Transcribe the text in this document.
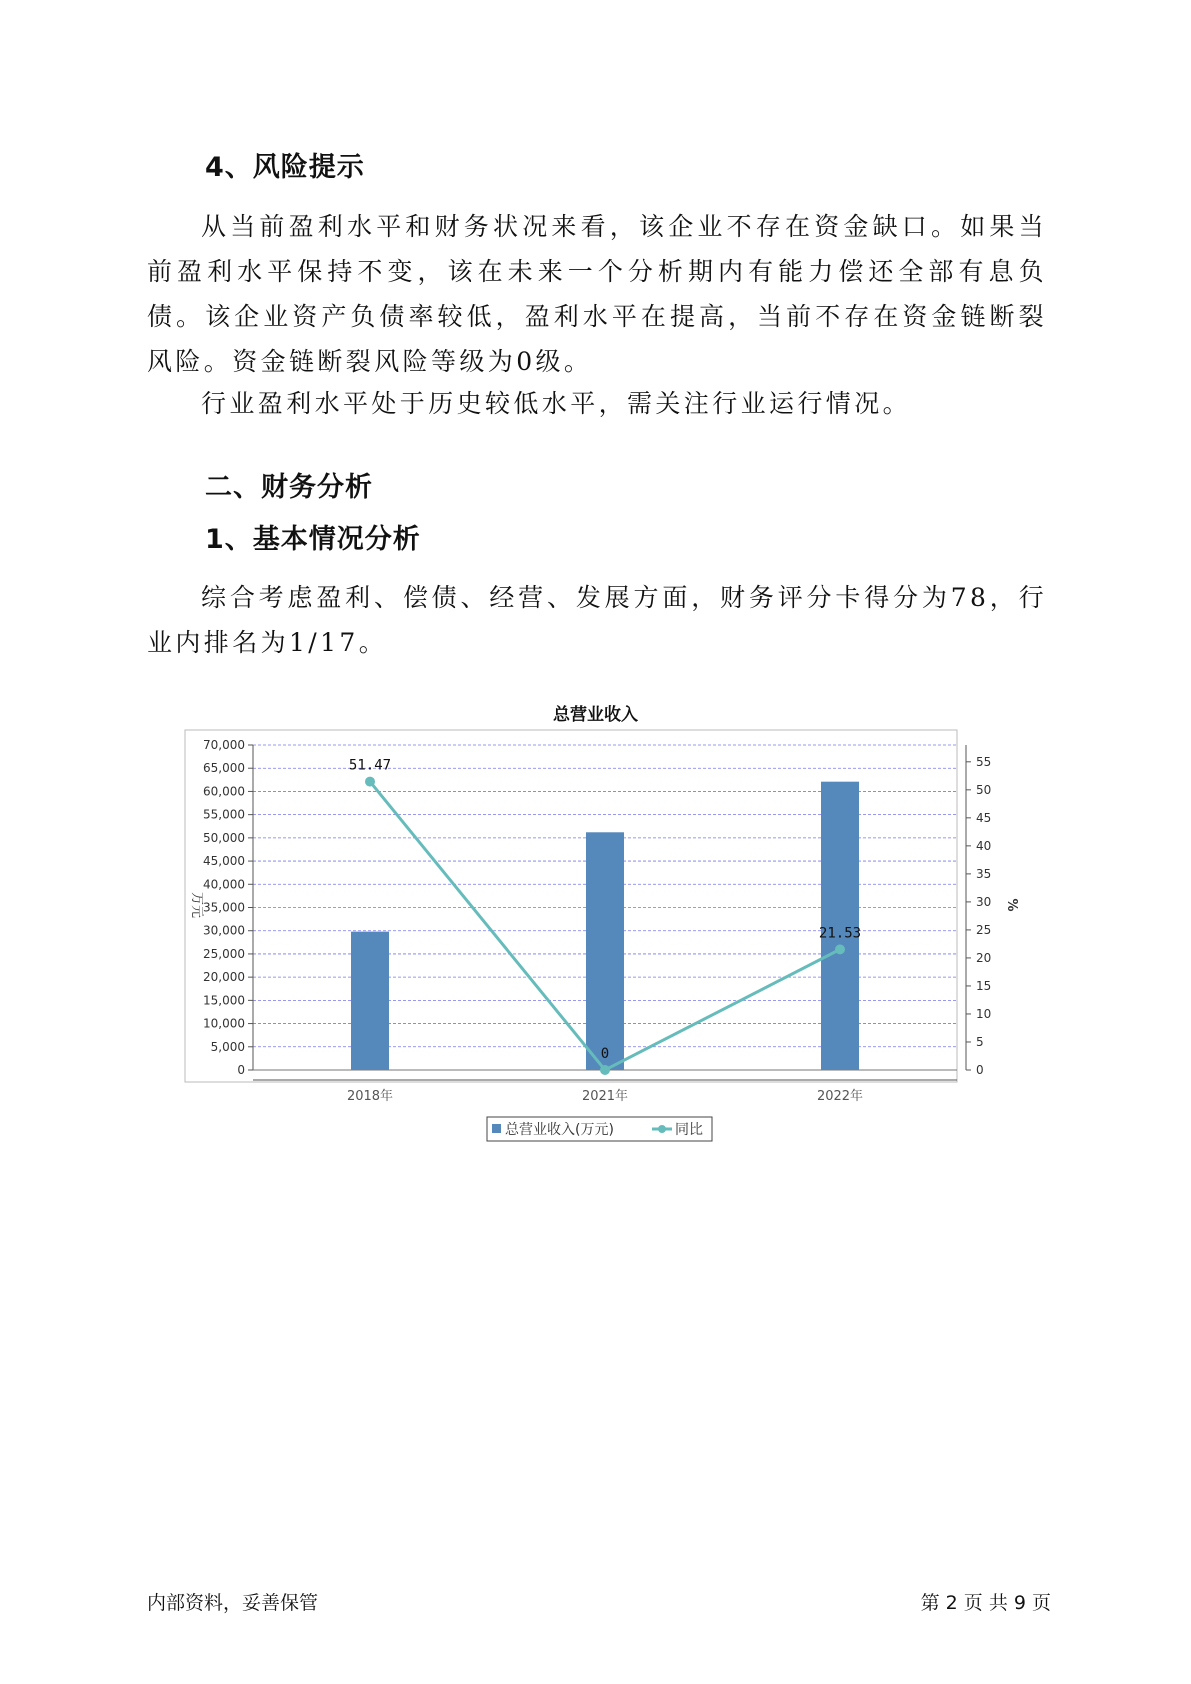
4、风险提示

从当前盈利水平和财务状况来看，该企业不存在资金缺口。如果当前盈利水平保持不变，该在未来一个分析期内有能力偿还全部有息负债。该企业资产负债率较低，盈利水平在提高，当前不存在资金链断裂风险。资金链断裂风险等级为0级。

行业盈利水平处于历史较低水平，需关注行业运行情况。

二、财务分析
1、基本情况分析

综合考虑盈利、偿债、经营、发展方面，财务评分卡得分为78，行业内排名为1/17。

总营业收入
0
5,000
10,000
15,000
20,000
25,000
30,000
35,000
40,000
45,000
50,000
55,000
60,000
65,000
70,000
0
5
10
15
20
25
30
35
40
45
50
55
万元	%
2018年	2021年	2022年
51.47
0
21.53
总营业收入(万元)	同比
内部资料，妥善保管	第 2 页 共 9 页
